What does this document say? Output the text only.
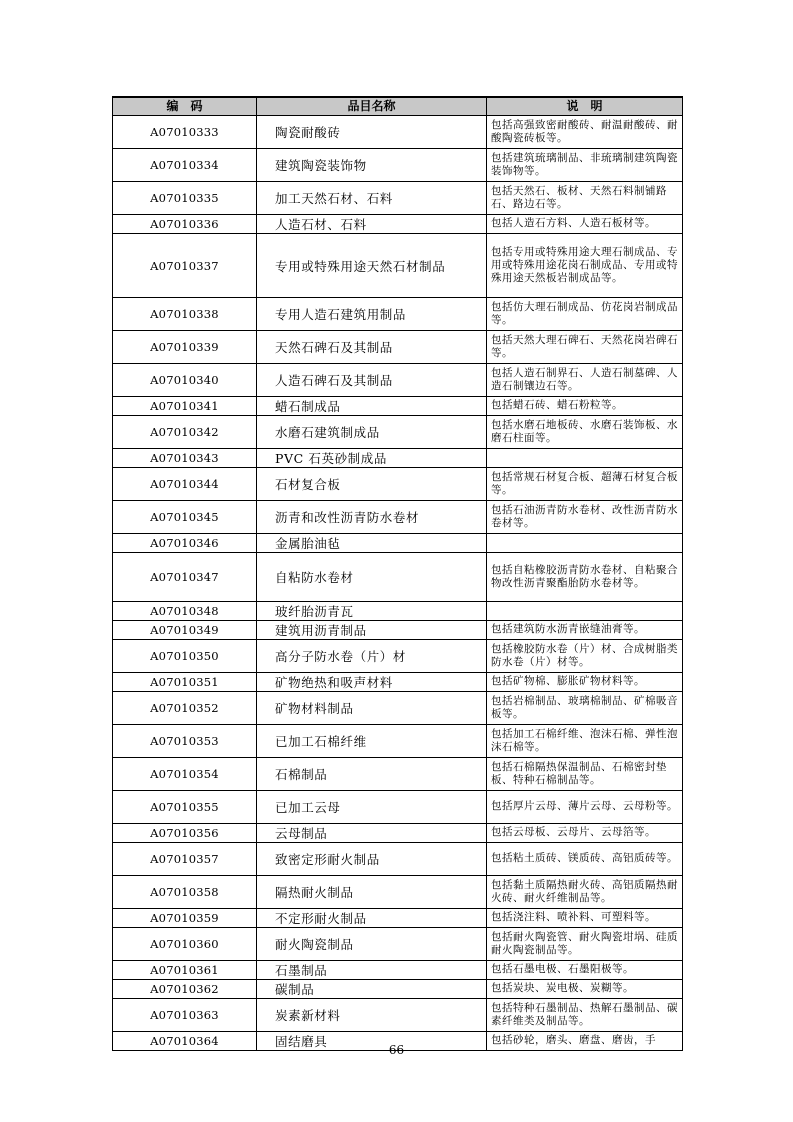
编　码	品目名称	说　明
A07010333	陶瓷耐酸砖	包括高强致密耐酸砖、耐温耐酸砖、耐酸陶瓷砖板等。
A07010334	建筑陶瓷装饰物	包括建筑琉璃制品、非琉璃制建筑陶瓷装饰物等。
A07010335	加工天然石材、石料	包括天然石、板材、天然石料制铺路石、路边石等。
A07010336	人造石材、石料	包括人造石方料、人造石板材等。
A07010337	专用或特殊用途天然石材制品	包括专用或特殊用途大理石制成品、专用或特殊用途花岗石制成品、专用或特殊用途天然板岩制成品等。
A07010338	专用人造石建筑用制品	包括仿大理石制成品、仿花岗岩制成品等。
A07010339	天然石碑石及其制品	包括天然大理石碑石、天然花岗岩碑石等。
A07010340	人造石碑石及其制品	包括人造石制界石、人造石制墓碑、人造石制镶边石等。
A07010341	蜡石制成品	包括蜡石砖、蜡石粉粒等。
A07010342	水磨石建筑制成品	包括水磨石地板砖、水磨石装饰板、水磨石柱面等。
A07010343	PVC 石英砂制成品	
A07010344	石材复合板	包括常规石材复合板、超薄石材复合板等。
A07010345	沥青和改性沥青防水卷材	包括石油沥青防水卷材、改性沥青防水卷材等。
A07010346	金属胎油毡	
A07010347	自粘防水卷材	包括自粘橡胶沥青防水卷材、自粘聚合物改性沥青聚酯胎防水卷材等。
A07010348	玻纤胎沥青瓦	
A07010349	建筑用沥青制品	包括建筑防水沥青嵌缝油膏等。
A07010350	高分子防水卷（片）材	包括橡胶防水卷（片）材、合成树脂类防水卷（片）材等。
A07010351	矿物绝热和吸声材料	包括矿物棉、膨胀矿物材料等。
A07010352	矿物材料制品	包括岩棉制品、玻璃棉制品、矿棉吸音板等。
A07010353	已加工石棉纤维	包括加工石棉纤维、泡沫石棉、弹性泡沫石棉等。
A07010354	石棉制品	包括石棉隔热保温制品、石棉密封垫板、特种石棉制品等。
A07010355	已加工云母	包括厚片云母、薄片云母、云母粉等。
A07010356	云母制品	包括云母板、云母片、云母箔等。
A07010357	致密定形耐火制品	包括粘土质砖、镁质砖、高铝质砖等。
A07010358	隔热耐火制品	包括黏土质隔热耐火砖、高铝质隔热耐火砖、耐火纤维制品等。
A07010359	不定形耐火制品	包括浇注料、喷补料、可塑料等。
A07010360	耐火陶瓷制品	包括耐火陶瓷管、耐火陶瓷坩埚、硅质耐火陶瓷制品等。
A07010361	石墨制品	包括石墨电极、石墨阳极等。
A07010362	碳制品	包括炭块、炭电极、炭糊等。
A07010363	炭素新材料	包括特种石墨制品、热解石墨制品、碳素纤维类及制品等。
A07010364	固结磨具	包括砂轮，磨头、磨盘、磨齿，手
66
